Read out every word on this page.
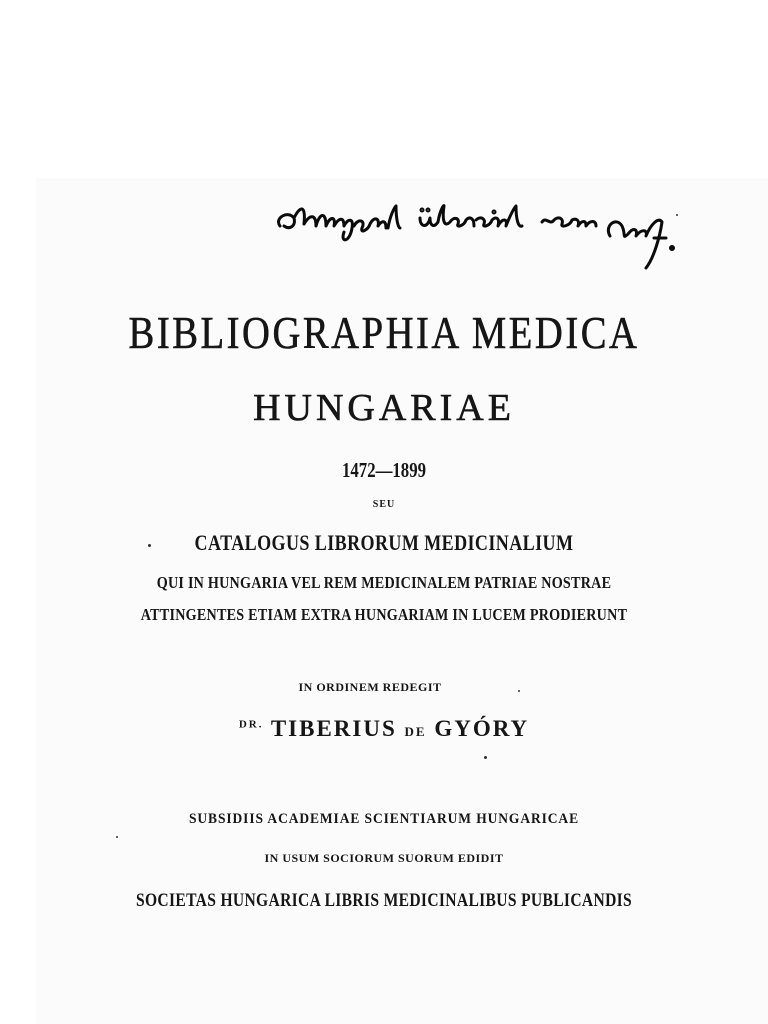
BIBLIOGRAPHIA MEDICA
HUNGARIAE
1472—1899
SEU
CATALOGUS LIBRORUM MEDICINALIUM
QUI IN HUNGARIA VEL REM MEDICINALEM PATRIAE NOSTRAE
ATTINGENTES ETIAM EXTRA HUNGARIAM IN LUCEM PRODIERUNT
IN ORDINEM REDEGIT
$^{DR.}$ TIBERIUS DE GYÓRY
SUBSIDIIS ACADEMIAE SCIENTIARUM HUNGARICAE
IN USUM SOCIORUM SUORUM EDIDIT
SOCIETAS HUNGARICA LIBRIS MEDICINALIBUS PUBLICANDIS
